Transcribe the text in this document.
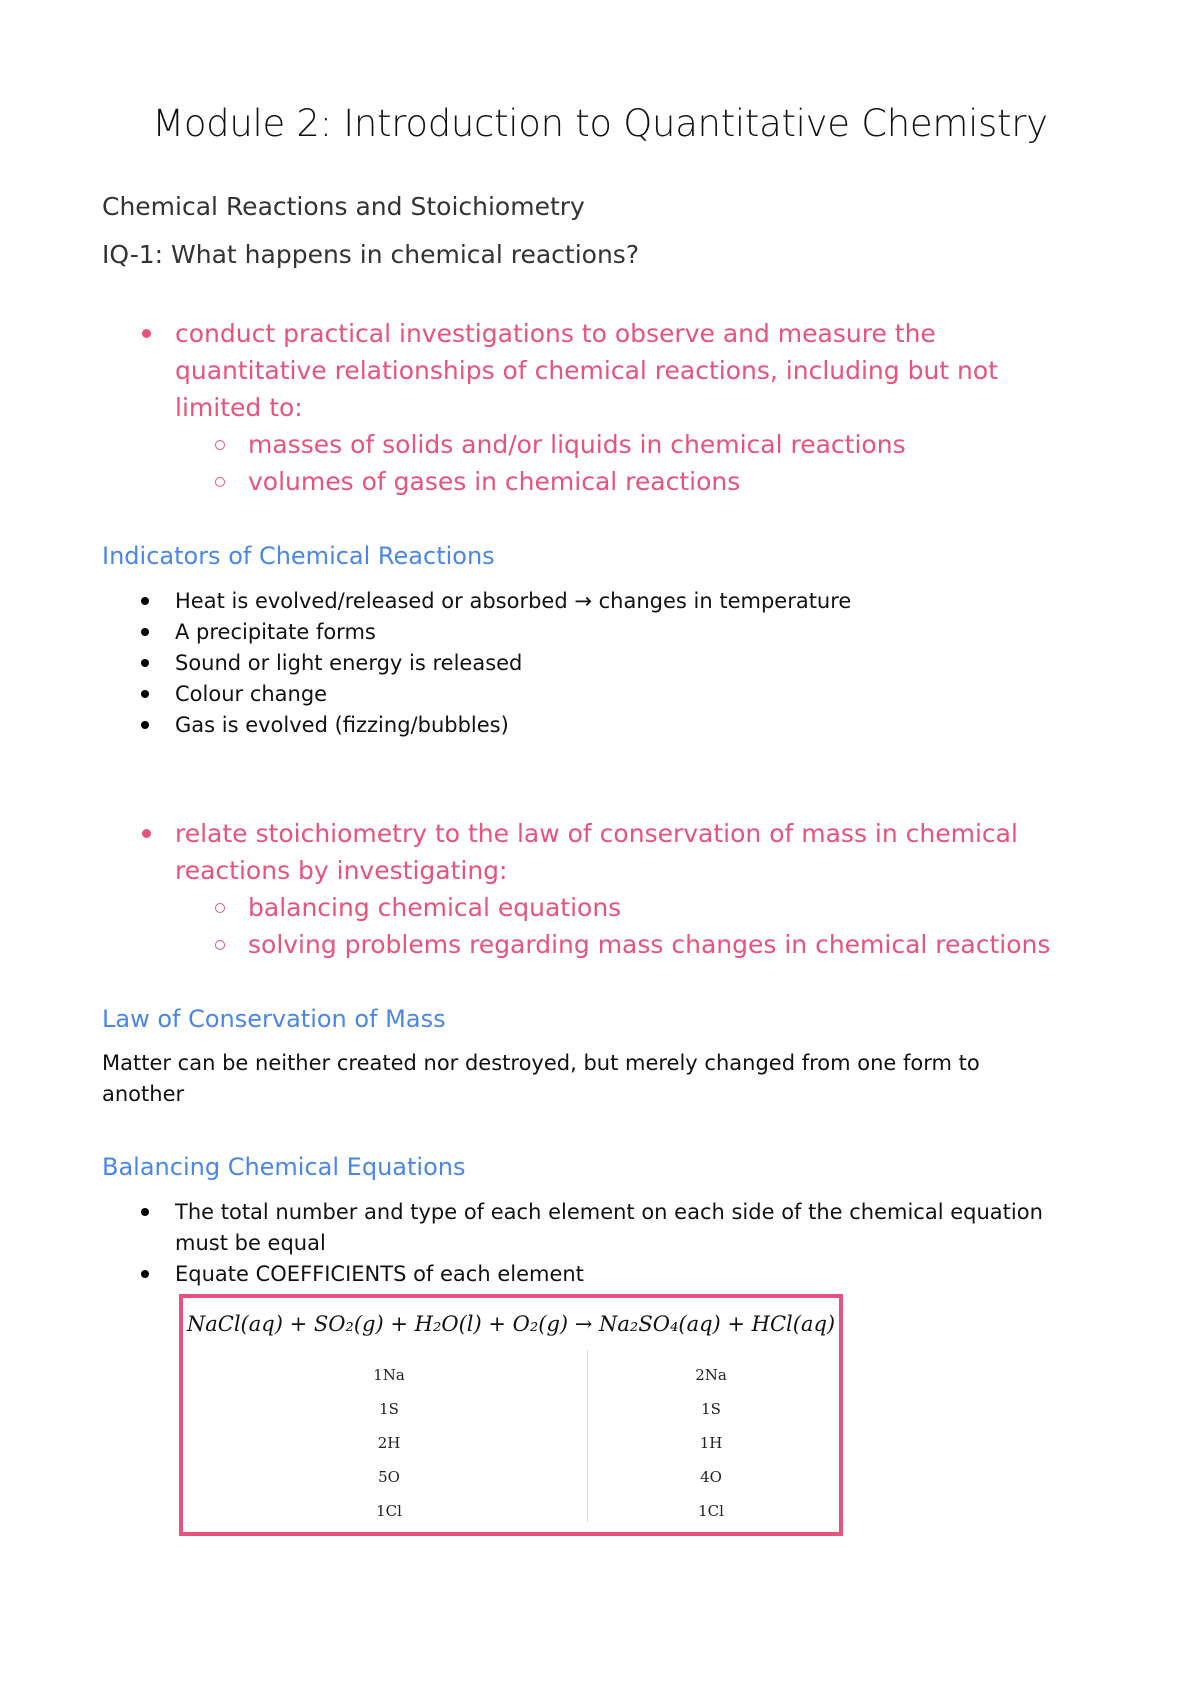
Module 2: Introduction to Quantitative Chemistry
Chemical Reactions and Stoichiometry
IQ-1: What happens in chemical reactions?
conduct practical investigations to observe and measure the
quantitative relationships of chemical reactions, including but not
limited to:
masses of solids and/or liquids in chemical reactions
volumes of gases in chemical reactions
Indicators of Chemical Reactions
Heat is evolved/released or absorbed → changes in temperature
A precipitate forms
Sound or light energy is released
Colour change
Gas is evolved (fizzing/bubbles)
relate stoichiometry to the law of conservation of mass in chemical
reactions by investigating:
balancing chemical equations
solving problems regarding mass changes in chemical reactions
Law of Conservation of Mass
Matter can be neither created nor destroyed, but merely changed from one form to
another
Balancing Chemical Equations
The total number and type of each element on each side of the chemical equation
must be equal
Equate COEFFICIENTS of each element
NaCl(aq) + SO₂(g) + H₂O(l) + O₂(g) → Na₂SO₄(aq) + HCl(aq)
1Na
1S
2H
5O
1Cl
2Na
1S
1H
4O
1Cl
